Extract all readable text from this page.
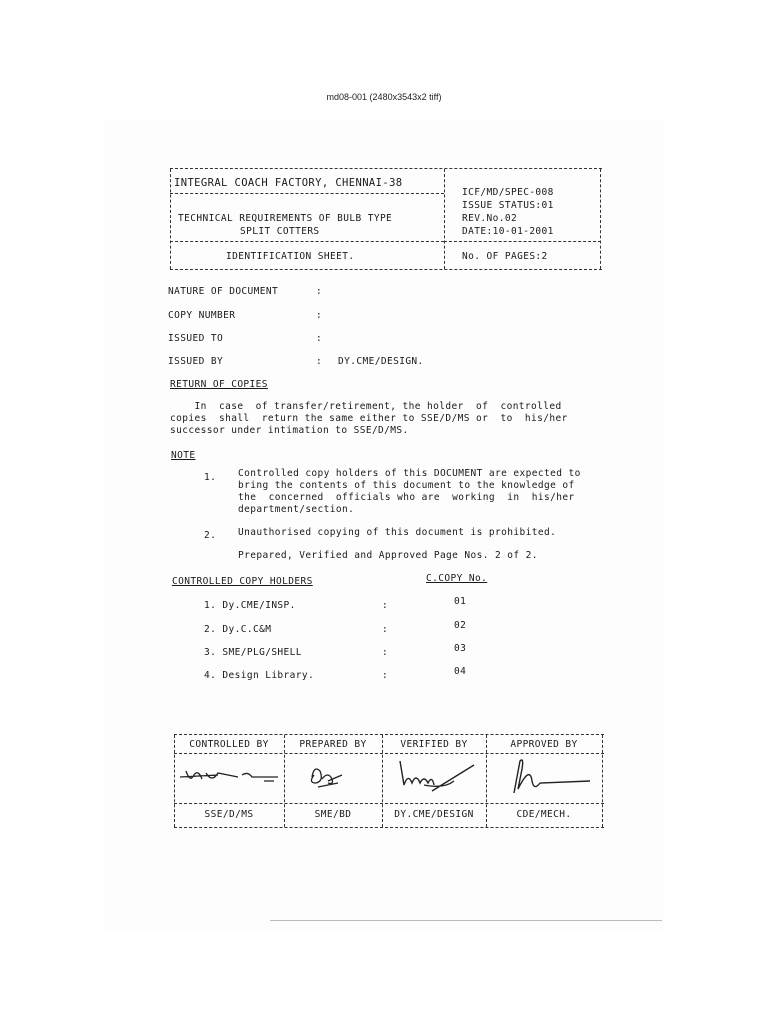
md08-001 (2480x3543x2 tiff)
INTEGRAL COACH FACTORY, CHENNAI-38
TECHNICAL REQUIREMENTS OF BULB TYPE
SPLIT COTTERS
IDENTIFICATION SHEET.
ICF/MD/SPEC-008
ISSUE STATUS:01
REV.No.02
DATE:10-01-2001
No. OF PAGES:2
NATURE OF DOCUMENT	:
COPY NUMBER	:
ISSUED TO	:
ISSUED BY	: DY.CME/DESIGN.
RETURN OF COPIES
In  case  of transfer/retirement, the holder  of  controlled
copies  shall  return the same either to SSE/D/MS or  to  his/her
successor under intimation to SSE/D/MS.
NOTE
1. Controlled copy holders of this DOCUMENT are expected to
bring the contents of this document to the knowledge of
the  concerned  officials who are  working  in  his/her
department/section.
2. Unauthorised copying of this document is prohibited.
Prepared, Verified and Approved Page Nos. 2 of 2.
CONTROLLED COPY HOLDERS	C.COPY No.
1. Dy.CME/INSP.	:	01
2. Dy.C.C&M	:	02
3. SME/PLG/SHELL	:	03
4. Design Library.	:	04
CONTROLLED BY	PREPARED BY	VERIFIED BY	APPROVED BY
SSE/D/MS	SME/BD	DY.CME/DESIGN	CDE/MECH.
